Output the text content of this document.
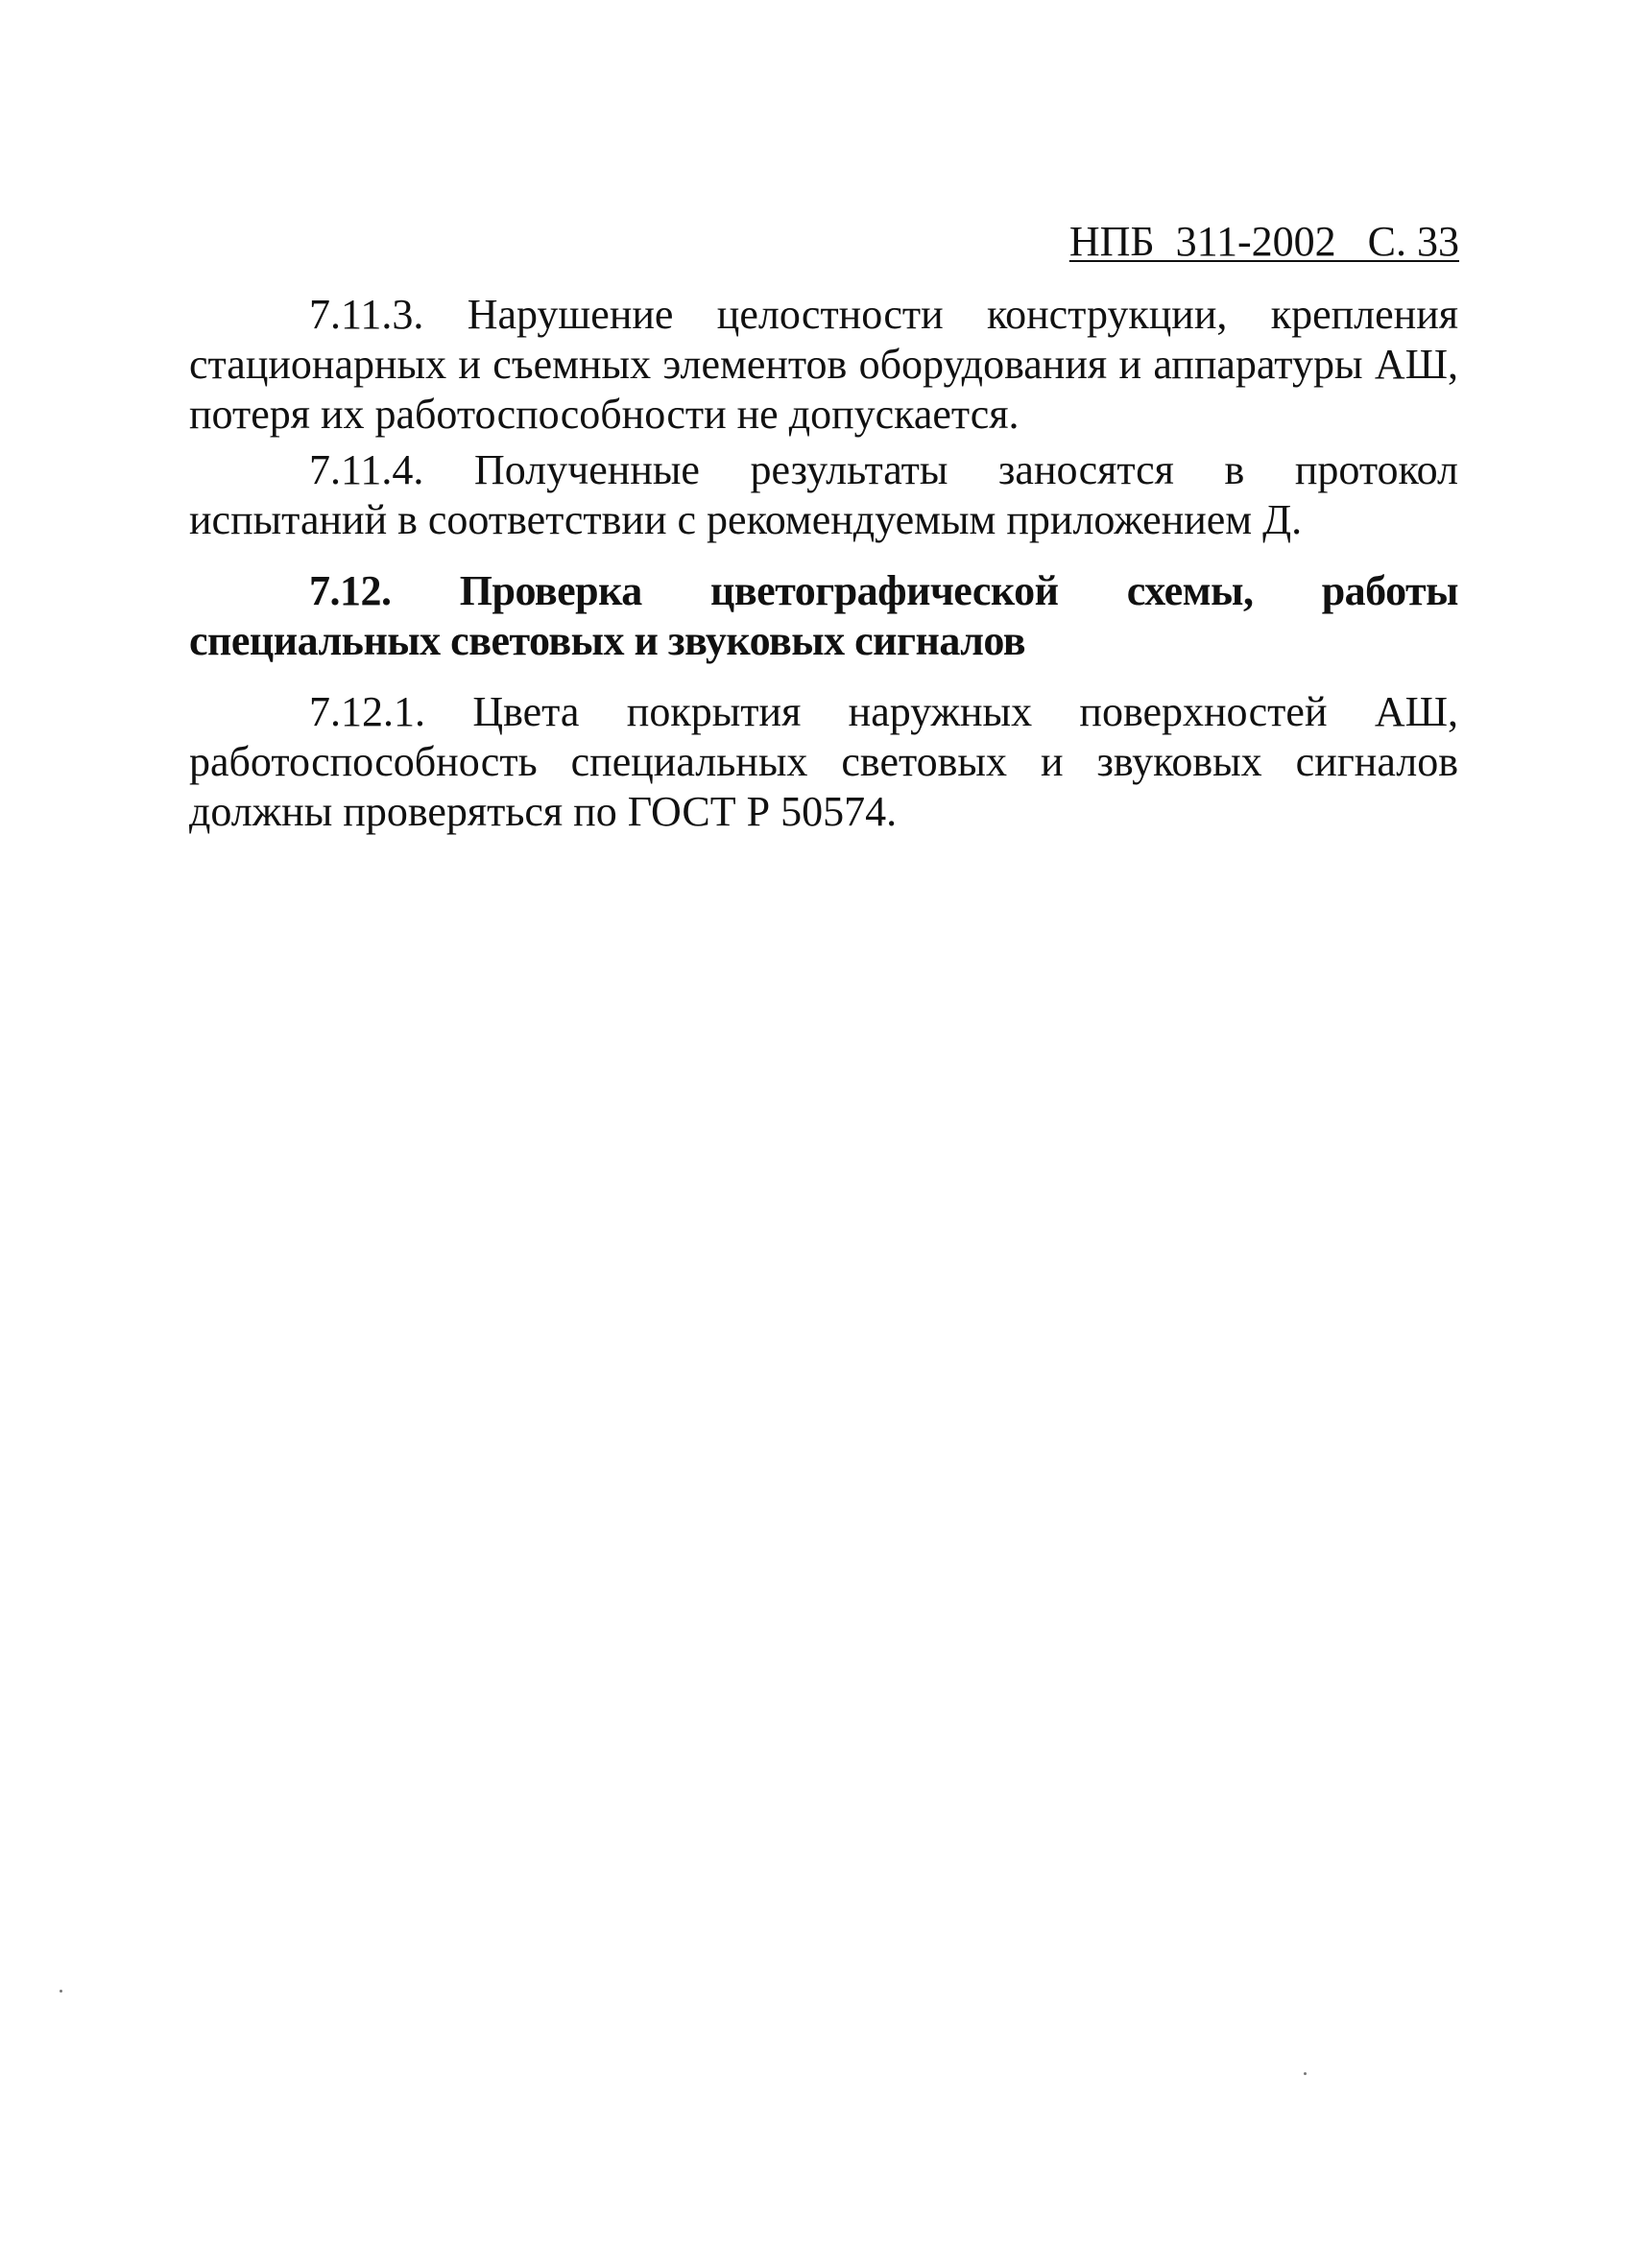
НПБ  311-2002   С. 33

7.11.3. Нарушение целостности конструкции, крепления стационарных и съемных элементов оборудования и аппаратуры АШ, потеря их работоспособности не допускается.

7.11.4. Полученные результаты заносятся в протокол испытаний в соответствии с рекомендуемым приложением Д.

7.12. Проверка цветографической схемы, работы специальных световых и звуковых сигналов

7.12.1. Цвета покрытия наружных поверхностей АШ, работоспособность специальных световых и звуковых сигналов должны проверяться по ГОСТ Р 50574.
